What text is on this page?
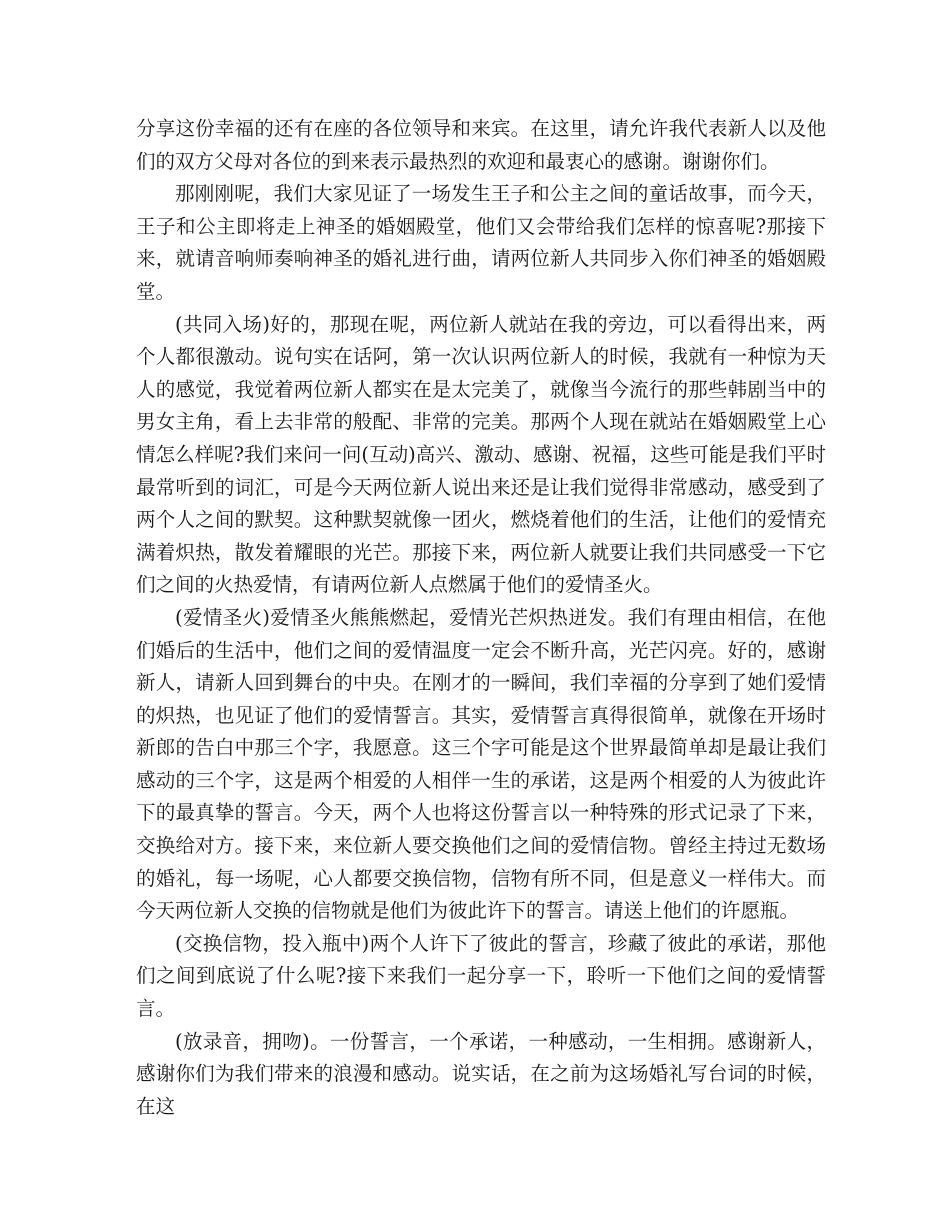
分享这份幸福的还有在座的各位领导和来宾。在这里，请允许我代表新人以及他们的双方父母对各位的到来表示最热烈的欢迎和最衷心的感谢。谢谢你们。

那刚刚呢，我们大家见证了一场发生王子和公主之间的童话故事，而今天，王子和公主即将走上神圣的婚姻殿堂，他们又会带给我们怎样的惊喜呢?那接下来，就请音响师奏响神圣的婚礼进行曲，请两位新人共同步入你们神圣的婚姻殿堂。

(共同入场)好的，那现在呢，两位新人就站在我的旁边，可以看得出来，两个人都很激动。说句实在话阿，第一次认识两位新人的时候，我就有一种惊为天人的感觉，我觉着两位新人都实在是太完美了，就像当今流行的那些韩剧当中的男女主角，看上去非常的般配、非常的完美。那两个人现在就站在婚姻殿堂上心情怎么样呢?我们来问一问(互动)高兴、激动、感谢、祝福，这些可能是我们平时最常听到的词汇，可是今天两位新人说出来还是让我们觉得非常感动，感受到了两个人之间的默契。这种默契就像一团火，燃烧着他们的生活，让他们的爱情充满着炽热，散发着耀眼的光芒。那接下来，两位新人就要让我们共同感受一下它们之间的火热爱情，有请两位新人点燃属于他们的爱情圣火。

(爱情圣火)爱情圣火熊熊燃起，爱情光芒炽热迸发。我们有理由相信，在他们婚后的生活中，他们之间的爱情温度一定会不断升高，光芒闪亮。好的，感谢新人，请新人回到舞台的中央。在刚才的一瞬间，我们幸福的分享到了她们爱情的炽热，也见证了他们的爱情誓言。其实，爱情誓言真得很简单，就像在开场时新郎的告白中那三个字，我愿意。这三个字可能是这个世界最简单却是最让我们感动的三个字，这是两个相爱的人相伴一生的承诺，这是两个相爱的人为彼此许下的最真挚的誓言。今天，两个人也将这份誓言以一种特殊的形式记录了下来，交换给对方。接下来，来位新人要交换他们之间的爱情信物。曾经主持过无数场的婚礼，每一场呢，心人都要交换信物，信物有所不同，但是意义一样伟大。而今天两位新人交换的信物就是他们为彼此许下的誓言。请送上他们的许愿瓶。

(交换信物，投入瓶中)两个人许下了彼此的誓言，珍藏了彼此的承诺，那他们之间到底说了什么呢?接下来我们一起分享一下，聆听一下他们之间的爱情誓言。

(放录音，拥吻)。一份誓言，一个承诺，一种感动，一生相拥。感谢新人，感谢你们为我们带来的浪漫和感动。说实话，在之前为这场婚礼写台词的时候，在这
